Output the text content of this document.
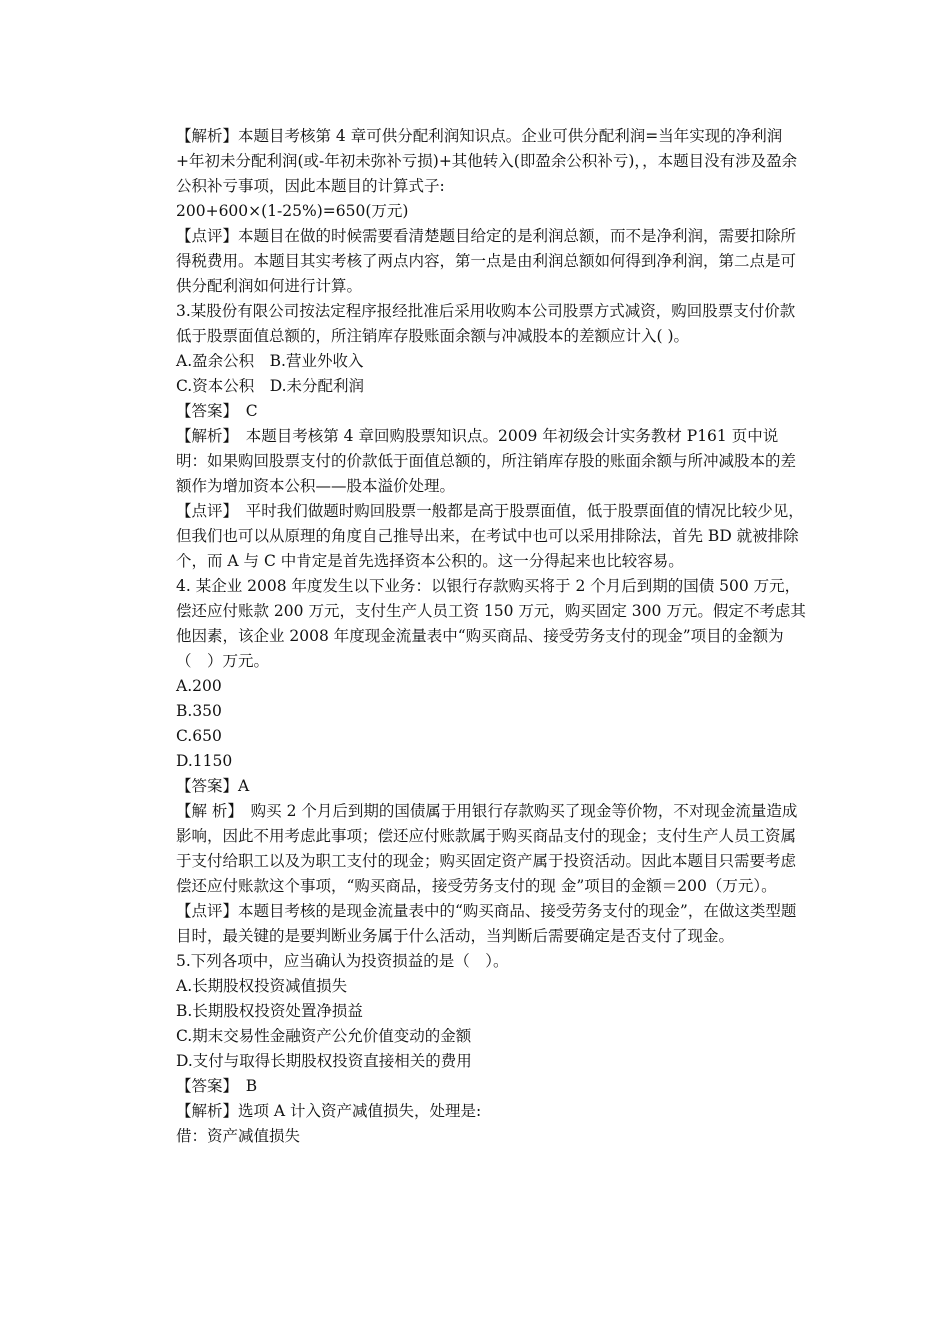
【解析】本题目考核第 4 章可供分配利润知识点。企业可供分配利润=当年实现的净利润+年初未分配利润(或-年初未弥补亏损)+其他转入(即盈余公积补亏)，，本题目没有涉及盈余公积补亏事项，因此本题目的计算式子:

200+600×(1-25%)=650(万元)

【点评】本题目在做的时候需要看清楚题目给定的是利润总额，而不是净利润，需要扣除所得税费用。本题目其实考核了两点内容，第一点是由利润总额如何得到净利润，第二点是可供分配利润如何进行计算。

3.某股份有限公司按法定程序报经批准后采用收购本公司股票方式减资，购回股票支付价款低于股票面值总额的，所注销库存股账面余额与冲减股本的差额应计入( )。

A.盈余公积　B.营业外收入

C.资本公积　D.未分配利润

【答案】　C

【解析】　本题目考核第 4 章回购股票知识点。2009 年初级会计实务教材 P161 页中说明：如果购回股票支付的价款低于面值总额的，所注销库存股的账面余额与所冲减股本的差额作为增加资本公积——股本溢价处理。

【点评】　平时我们做题时购回股票一般都是高于股票面值，低于股票面值的情况比较少见，但我们也可以从原理的角度自己推导出来，在考试中也可以采用排除法，首先 BD 就被排除个，而 A 与 C 中肯定是首先选择资本公积的。这一分得起来也比较容易。

4. 某企业 2008 年度发生以下业务：以银行存款购买将于 2 个月后到期的国债 500 万元，偿还应付账款 200 万元，支付生产人员工资 150 万元，购买固定 300 万元。假定不考虑其他因素，该企业 2008 年度现金流量表中“购买商品、接受劳务支付的现金”项目的金额为（　）万元。

A.200

B.350

C.650

D.1150

【答案】A

【解 析】　购买 2 个月后到期的国债属于用银行存款购买了现金等价物，不对现金流量造成影响，因此不用考虑此事项；偿还应付账款属于购买商品支付的现金；支付生产人员工资属于支付给职工以及为职工支付的现金；购买固定资产属于投资活动。因此本题目只需要考虑偿还应付账款这个事项，“购买商品，接受劳务支付的现 金”项目的金额＝200（万元）。

【点评】本题目考核的是现金流量表中的“购买商品、接受劳务支付的现金”，在做这类型题目时，最关键的是要判断业务属于什么活动，当判断后需要确定是否支付了现金。

5.下列各项中，应当确认为投资损益的是（　）。

A.长期股权投资减值损失

B.长期股权投资处置净损益

C.期末交易性金融资产公允价值变动的金额

D.支付与取得长期股权投资直接相关的费用

【答案】　B

【解析】选项 A 计入资产减值损失，处理是:

借：资产减值损失
